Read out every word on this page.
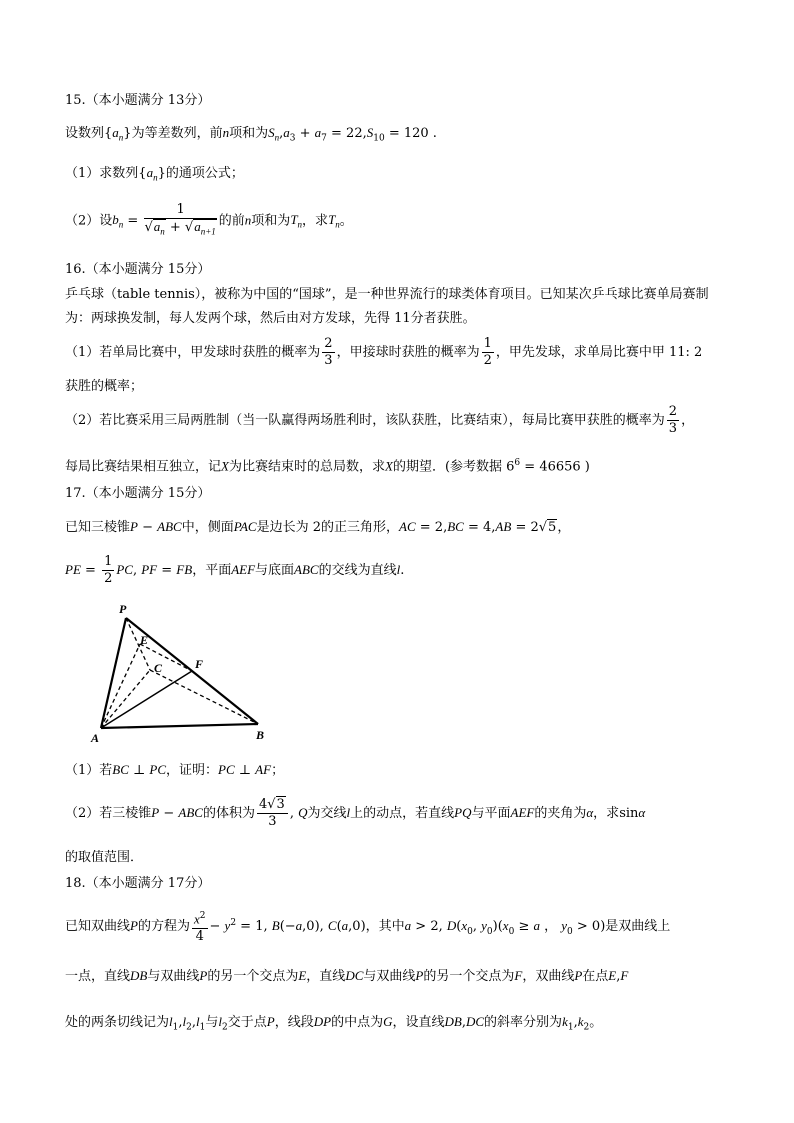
15.（本小题满分 13分）
设数列$\{a_n\}$为等差数列，前n项和为$S_n,a_3 + a_7 = 22,S_{10} = 120$ .
（1）求数列$\{a_n\}$的通项公式；
（2）设$b_n = \frac{1}{√a_n + √a_{n+1}}$ 的前n项和为$T_n$，求$T_n$。
16.（本小题满分 15分）
乒乓球（table tennis），被称为中国的“国球”，是一种世界流行的球类体育项目。已知某次乒乓球比赛单局赛制
为：两球换发制，每人发两个球，然后由对方发球，先得 11分者获胜。
（1）若单局比赛中，甲发球时获胜的概率为 $\frac{2}{3}$ ，甲接球时获胜的概率为 $\frac{1}{2}$ ，甲先发球，求单局比赛中甲 11: 2
获胜的概率；
（2）若比赛采用三局两胜制（当一队赢得两场胜利时，该队获胜，比赛结束），每局比赛甲获胜的概率为 $\frac{2}{3}$ ，
每局比赛结果相互独立，记X为比赛结束时的总局数，求X的期望．(参考数据 $6^6 = 46656$ )
17.（本小题满分 15分）
已知三棱锥P − ABC中，侧面PAC是边长为 2的正三角形，AC = 2,BC = 4,AB = 2√5，
PE = $\frac{1}{2}$ PC, PF = FB，平面AEF与底面ABC的交线为直线l.
P
E
C	F
A	B
（1）若BC ⊥ PC，证明：PC ⊥ AF；
（2）若三棱锥P − ABC的体积为 $\frac{4√3}{3}$ , Q为交线l上的动点，若直线PQ与平面AEF的夹角为α，求sinα
的取值范围．
18.（本小题满分 17分）
已知双曲线P的方程为 $\frac{x^2}{4} - y^2 = 1$, B(−a,0), C(a,0)，其中a > 2, $D(x_0$, $y_0)(x_0 \ge a$ ， $y_0 > 0$)是双曲线上
一点，直线DB与双曲线P的另一个交点为E，直线DC与双曲线P的另一个交点为F，双曲线P在点E,F
处的两条切线记为$l_1,l_2,l_1$与$l_2$交于点P，线段DP的中点为G，设直线DB,DC的斜率分别为$k_1,k_2$。
